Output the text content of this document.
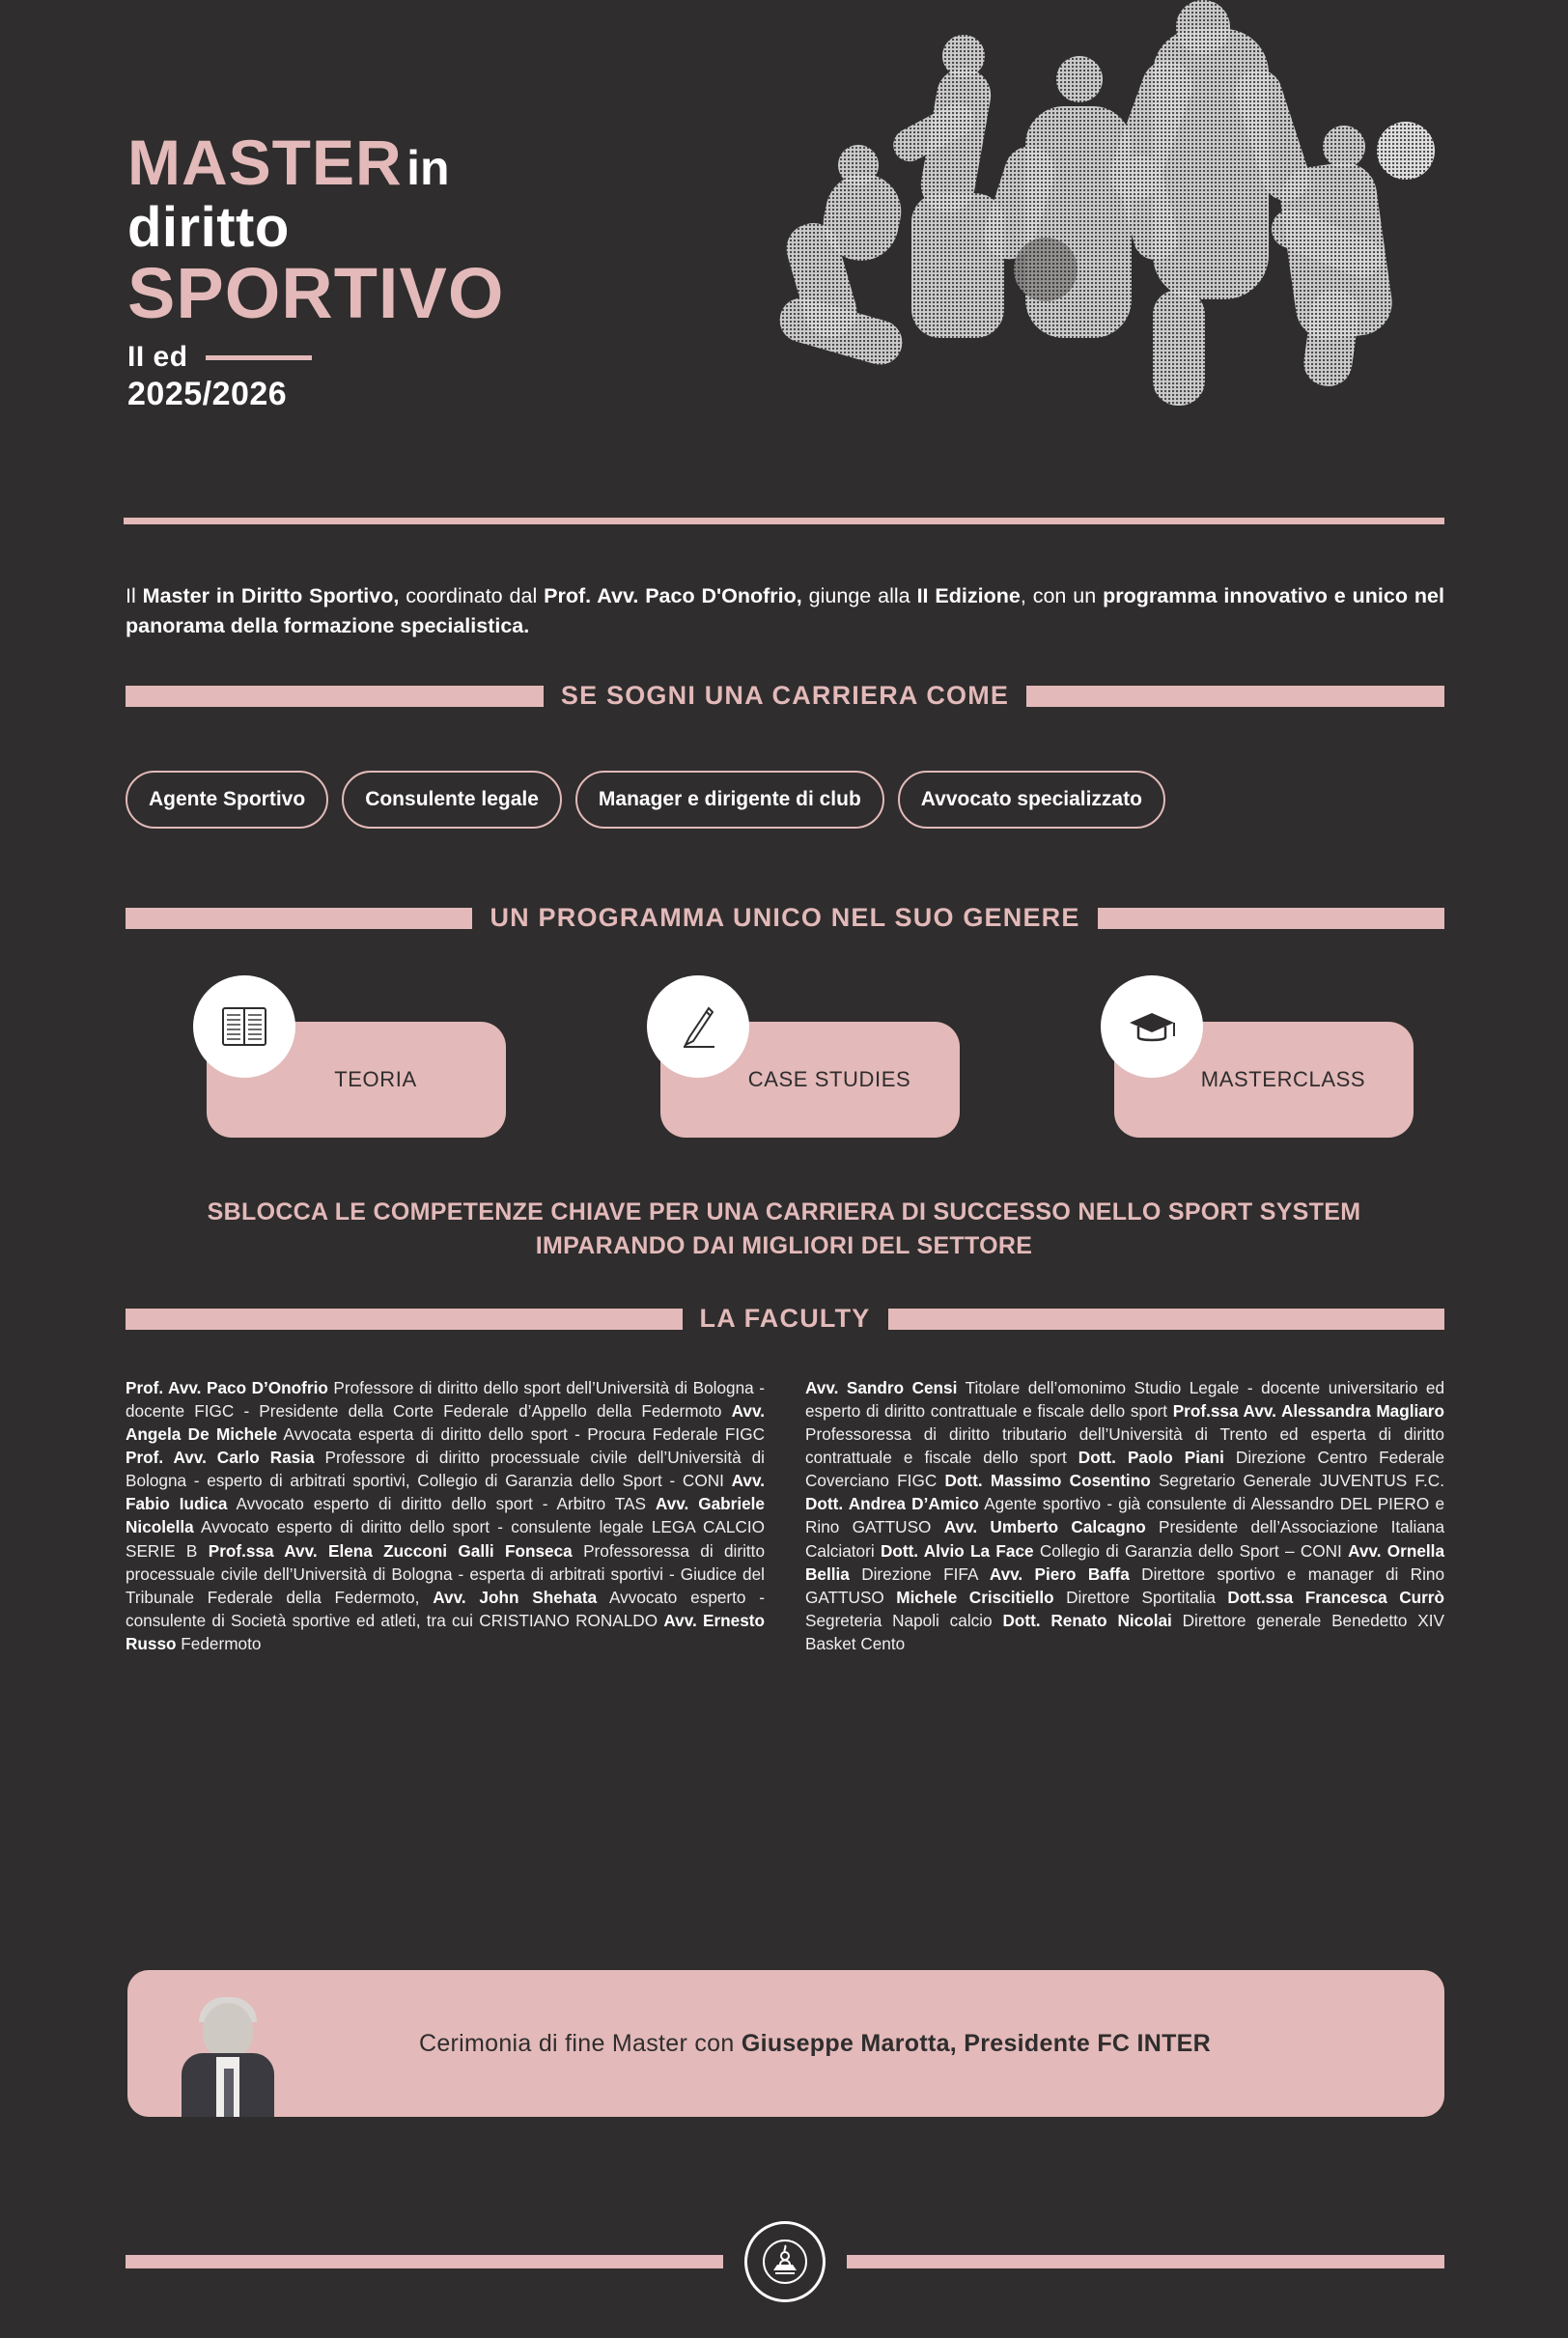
MASTER in
diritto
SPORTIVO
II ed
2025/2026

Il Master in Diritto Sportivo, coordinato dal Prof. Avv. Paco D'Onofrio, giunge alla II Edizione, con un programma innovativo e unico nel panorama della formazione specialistica.

SE SOGNI UNA CARRIERA COME
Agente Sportivo	Consulente legale	Manager e dirigente di club	Avvocato specializzato
UN PROGRAMMA UNICO NEL SUO GENERE
TEORIA	CASE STUDIES	MASTERCLASS
SBLOCCA LE COMPETENZE CHIAVE PER UNA CARRIERA DI SUCCESSO NELLO SPORT SYSTEM IMPARANDO DAI MIGLIORI DEL SETTORE
LA FACULTY
Prof. Avv. Paco D’Onofrio Professore di diritto dello sport dell’Università di Bologna - docente FIGC - Presidente della Corte Federale d’Appello della Federmoto Avv. Angela De Michele Avvocata esperta di diritto dello sport - Procura Federale FIGC Prof. Avv. Carlo Rasia Professore di diritto processuale civile dell’Università di Bologna - esperto di arbitrati sportivi, Collegio di Garanzia dello Sport - CONI Avv. Fabio Iudica Avvocato esperto di diritto dello sport - Arbitro TAS Avv. Gabriele Nicolella Avvocato esperto di diritto dello sport - consulente legale LEGA CALCIO SERIE B Prof.ssa Avv. Elena Zucconi Galli Fonseca Professoressa di diritto processuale civile dell’Università di Bologna - esperta di arbitrati sportivi - Giudice del Tribunale Federale della Federmoto, Avv. John Shehata Avvocato esperto - consulente di Società sportive ed atleti, tra cui CRISTIANO RONALDO Avv. Ernesto Russo Federmoto
Avv. Sandro Censi Titolare dell’omonimo Studio Legale - docente universitario ed esperto di diritto contrattuale e fiscale dello sport Prof.ssa Avv. Alessandra Magliaro Professoressa di diritto tributario dell’Università di Trento ed esperta di diritto contrattuale e fiscale dello sport Dott. Paolo Piani Direzione Centro Federale Coverciano FIGC Dott. Massimo Cosentino Segretario Generale JUVENTUS F.C. Dott. Andrea D’Amico Agente sportivo - già consulente di Alessandro DEL PIERO e Rino GATTUSO Avv. Umberto Calcagno Presidente dell’Associazione Italiana Calciatori Dott. Alvio La Face Collegio di Garanzia dello Sport – CONI Avv. Ornella Bellia Direzione FIFA Avv. Piero Baffa Direttore sportivo e manager di Rino GATTUSO Michele Criscitiello Direttore Sportitalia Dott.ssa Francesca Currò Segreteria Napoli calcio Dott. Renato Nicolai Direttore generale Benedetto XIV Basket Cento
Cerimonia di fine Master con Giuseppe Marotta, Presidente FC INTER
